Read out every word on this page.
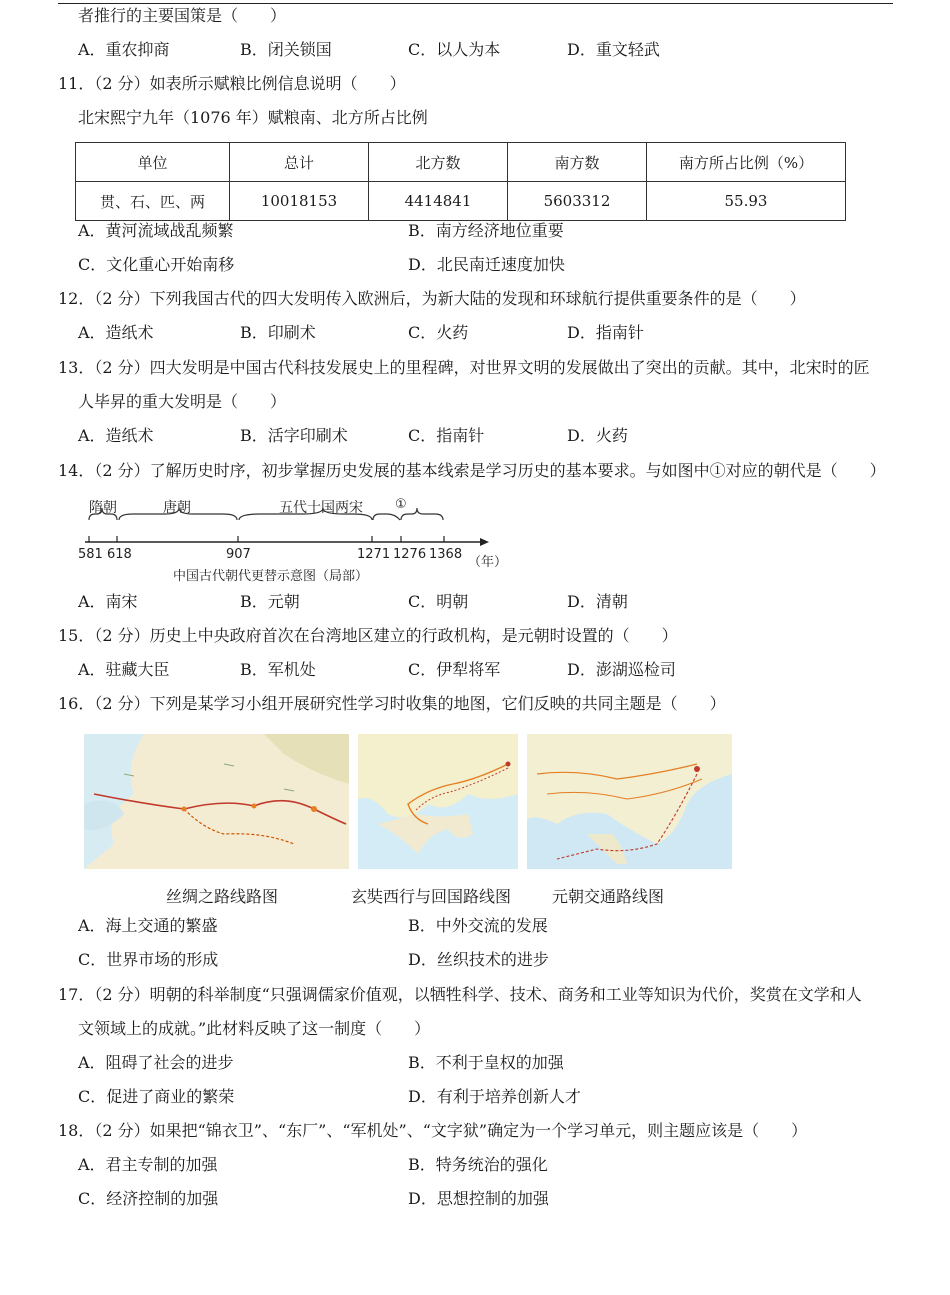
者推行的主要国策是（　　）
A．重农抑商	B．闭关锁国	C．以人为本	D．重文轻武
11．（2 分）如表所示赋粮比例信息说明（　　）
北宋熙宁九年（1076 年）赋粮南、北方所占比例
单位	总计	北方数	南方数	南方所占比例（%）
贯、石、匹、两	10018153	4414841	5603312	55.93
A．黄河流域战乱频繁	B．南方经济地位重要
C．文化重心开始南移	D．北民南迁速度加快
12．（2 分）下列我国古代的四大发明传入欧洲后，为新大陆的发现和环球航行提供重要条件的是（　　）
A．造纸术	B．印刷术	C．火药	D．指南针
13．（2 分）四大发明是中国古代科技发展史上的里程碑，对世界文明的发展做出了突出的贡献。其中，北宋时的匠
人毕昇的重大发明是（　　）
A．造纸术	B．活字印刷术	C．指南针	D．火药
14．（2 分）了解历史时序，初步掌握历史发展的基本线索是学习历史的基本要求。与如图中①对应的朝代是（　　）
隋朝	唐朝	五代十国两宋 ①
581 618	907	1271 1276 1368
（年）
中国古代朝代更替示意图（局部）
A．南宋	B．元朝	C．明朝	D．清朝
15．（2 分）历史上中央政府首次在台湾地区建立的行政机构，是元朝时设置的（　　）
A．驻藏大臣	B．军机处	C．伊犁将军	D．澎湖巡检司
16．（2 分）下列是某学习小组开展研究性学习时收集的地图，它们反映的共同主题是（　　）
丝绸之路线路图	玄奘西行与回国路线图	元朝交通路线图
A．海上交通的繁盛	B．中外交流的发展
C．世界市场的形成	D．丝织技术的进步
17．（2 分）明朝的科举制度“只强调儒家价值观，以牺牲科学、技术、商务和工业等知识为代价，奖赏在文学和人
文领域上的成就。”此材料反映了这一制度（　　）
A．阻碍了社会的进步	B．不利于皇权的加强
C．促进了商业的繁荣	D．有利于培养创新人才
18．（2 分）如果把“锦衣卫”、“东厂”、“军机处”、“文字狱”确定为一个学习单元，则主题应该是（　　）
A．君主专制的加强	B．特务统治的强化
C．经济控制的加强	D．思想控制的加强
